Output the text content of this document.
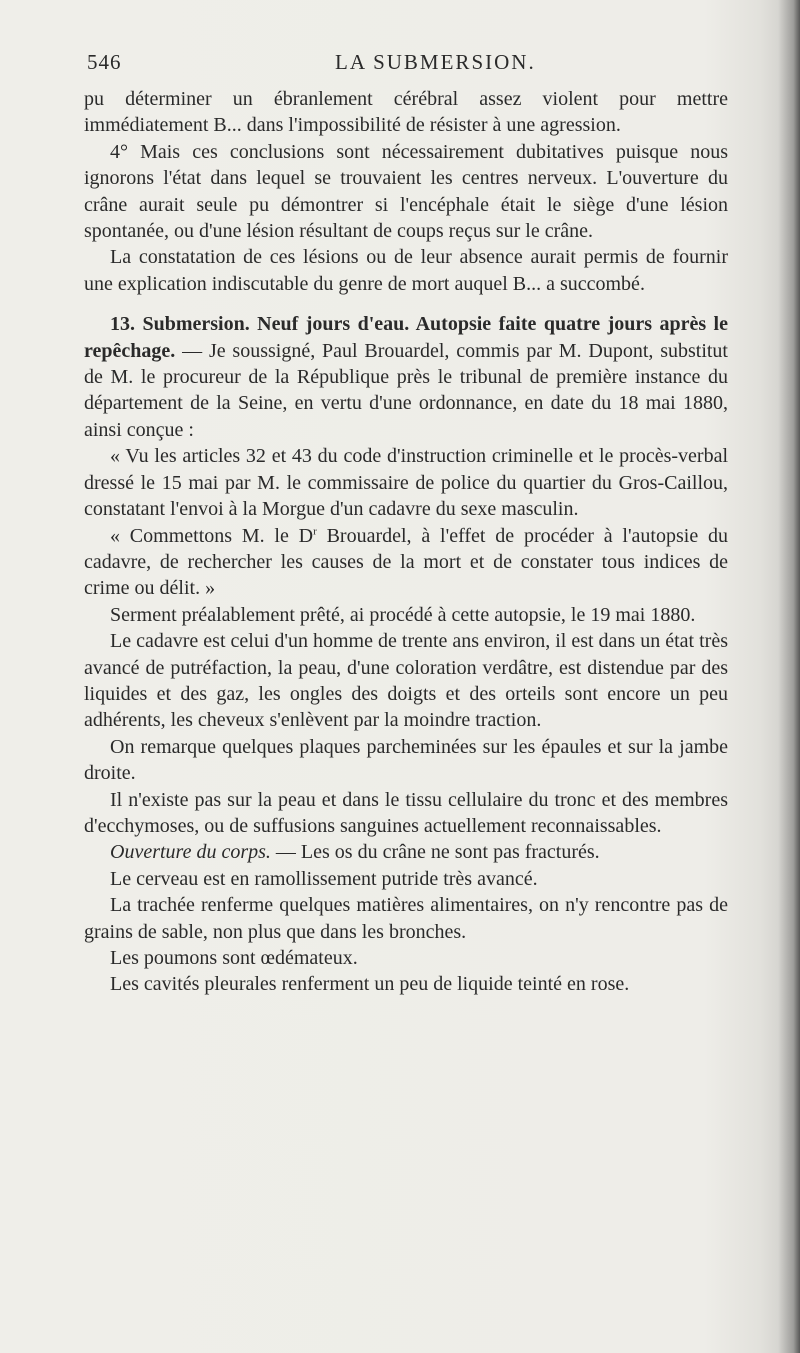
546	LA SUBMERSION.

pu déterminer un ébranlement cérébral assez violent pour mettre immédiatement B... dans l'impossibilité de résister à une agression.

4° Mais ces conclusions sont nécessairement dubitatives puisque nous ignorons l'état dans lequel se trouvaient les centres nerveux. L'ouverture du crâne aurait seule pu démontrer si l'encéphale était le siège d'une lésion spontanée, ou d'une lésion résultant de coups reçus sur le crâne.

La constatation de ces lésions ou de leur absence aurait permis de fournir une explication indiscutable du genre de mort auquel B... a succombé.

13. Submersion. Neuf jours d'eau. Autopsie faite quatre jours après le repêchage. — Je soussigné, Paul Brouardel, commis par M. Dupont, substitut de M. le procureur de la République près le tribunal de première instance du département de la Seine, en vertu d'une ordonnance, en date du 18 mai 1880, ainsi conçue :

« Vu les articles 32 et 43 du code d'instruction criminelle et le procès-verbal dressé le 15 mai par M. le commissaire de police du quartier du Gros-Caillou, constatant l'envoi à la Morgue d'un cadavre du sexe masculin.

« Commettons M. le $D^r$ Brouardel, à l'effet de procéder à l'autopsie du cadavre, de rechercher les causes de la mort et de constater tous indices de crime ou délit. »

Serment préalablement prêté, ai procédé à cette autopsie, le 19 mai 1880.

Le cadavre est celui d'un homme de trente ans environ, il est dans un état très avancé de putréfaction, la peau, d'une coloration verdâtre, est distendue par des liquides et des gaz, les ongles des doigts et des orteils sont encore un peu adhérents, les cheveux s'enlèvent par la moindre traction.

On remarque quelques plaques parcheminées sur les épaules et sur la jambe droite.

Il n'existe pas sur la peau et dans le tissu cellulaire du tronc et des membres d'ecchymoses, ou de suffusions sanguines actuellement reconnaissables.

Ouverture du corps. — Les os du crâne ne sont pas fracturés.

Le cerveau est en ramollissement putride très avancé.

La trachée renferme quelques matières alimentaires, on n'y rencontre pas de grains de sable, non plus que dans les bronches.

Les poumons sont œdémateux.

Les cavités pleurales renferment un peu de liquide teinté en rose.
